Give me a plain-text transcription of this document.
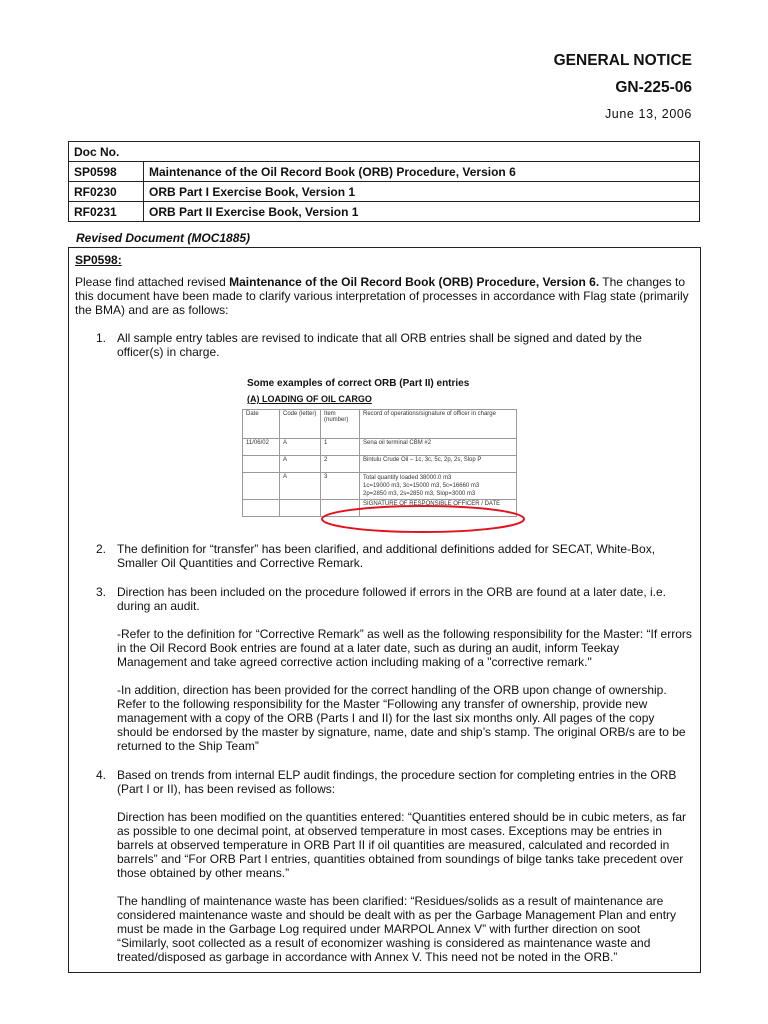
GENERAL NOTICE
GN-225-06
June 13, 2006
Doc No.	
SP0598	Maintenance of the Oil Record Book (ORB) Procedure, Version 6
RF0230	ORB Part I Exercise Book, Version 1
RF0231	ORB Part II Exercise Book, Version 1
Revised Document (MOC1885)
SP0598:
Please find attached revised Maintenance of the Oil Record Book (ORB) Procedure, Version 6. The changes to this document have been made to clarify various interpretation of processes in accordance with Flag state (primarily the BMA) and are as follows:
1. All sample entry tables are revised to indicate that all ORB entries shall be signed and dated by the officer(s) in charge.
Some examples of correct ORB (Part II) entries
(A) LOADING OF OIL CARGO
Date	Code (letter)	Item (number)	Record of operations/signature of officer in charge
11/06/02	A	1	Sena oil terminal CBM #2
	A	2	Bintulu Crude Oil – 1c, 3c, 5c, 2p, 2s, Slop P
	A	3	Total quantity loaded 38000.0 m3
1c=19000 m3, 3c=15000 m3, 5c=16660 m3
2p=2850 m3, 2s=2850 m3, Slop=3000 m3
			SIGNATURE OF RESPONSIBLE OFFICER / DATE
2. The definition for “transfer” has been clarified, and additional definitions added for SECAT, White-Box, Smaller Oil Quantities and Corrective Remark.
3. Direction has been included on the procedure followed if errors in the ORB are found at a later date, i.e. during an audit.
-Refer to the definition for “Corrective Remark” as well as the following responsibility for the Master: “If errors in the Oil Record Book entries are found at a later date, such as during an audit, inform Teekay Management and take agreed corrective action including making of a "corrective remark."
-In addition, direction has been provided for the correct handling of the ORB upon change of ownership. Refer to the following responsibility for the Master “Following any transfer of ownership, provide new management with a copy of the ORB (Parts I and II) for the last six months only. All pages of the copy should be endorsed by the master by signature, name, date and ship’s stamp. The original ORB/s are to be returned to the Ship Team”
4. Based on trends from internal ELP audit findings, the procedure section for completing entries in the ORB (Part I or II), has been revised as follows:
Direction has been modified on the quantities entered: “Quantities entered should be in cubic meters, as far as possible to one decimal point, at observed temperature in most cases. Exceptions may be entries in barrels at observed temperature in ORB Part II if oil quantities are measured, calculated and recorded in barrels” and “For ORB Part I entries, quantities obtained from soundings of bilge tanks take precedent over those obtained by other means.”
The handling of maintenance waste has been clarified: “Residues/solids as a result of maintenance are considered maintenance waste and should be dealt with as per the Garbage Management Plan and entry must be made in the Garbage Log required under MARPOL Annex V” with further direction on soot “Similarly, soot collected as a result of economizer washing is considered as maintenance waste and treated/disposed as garbage in accordance with Annex V. This need not be noted in the ORB.”
